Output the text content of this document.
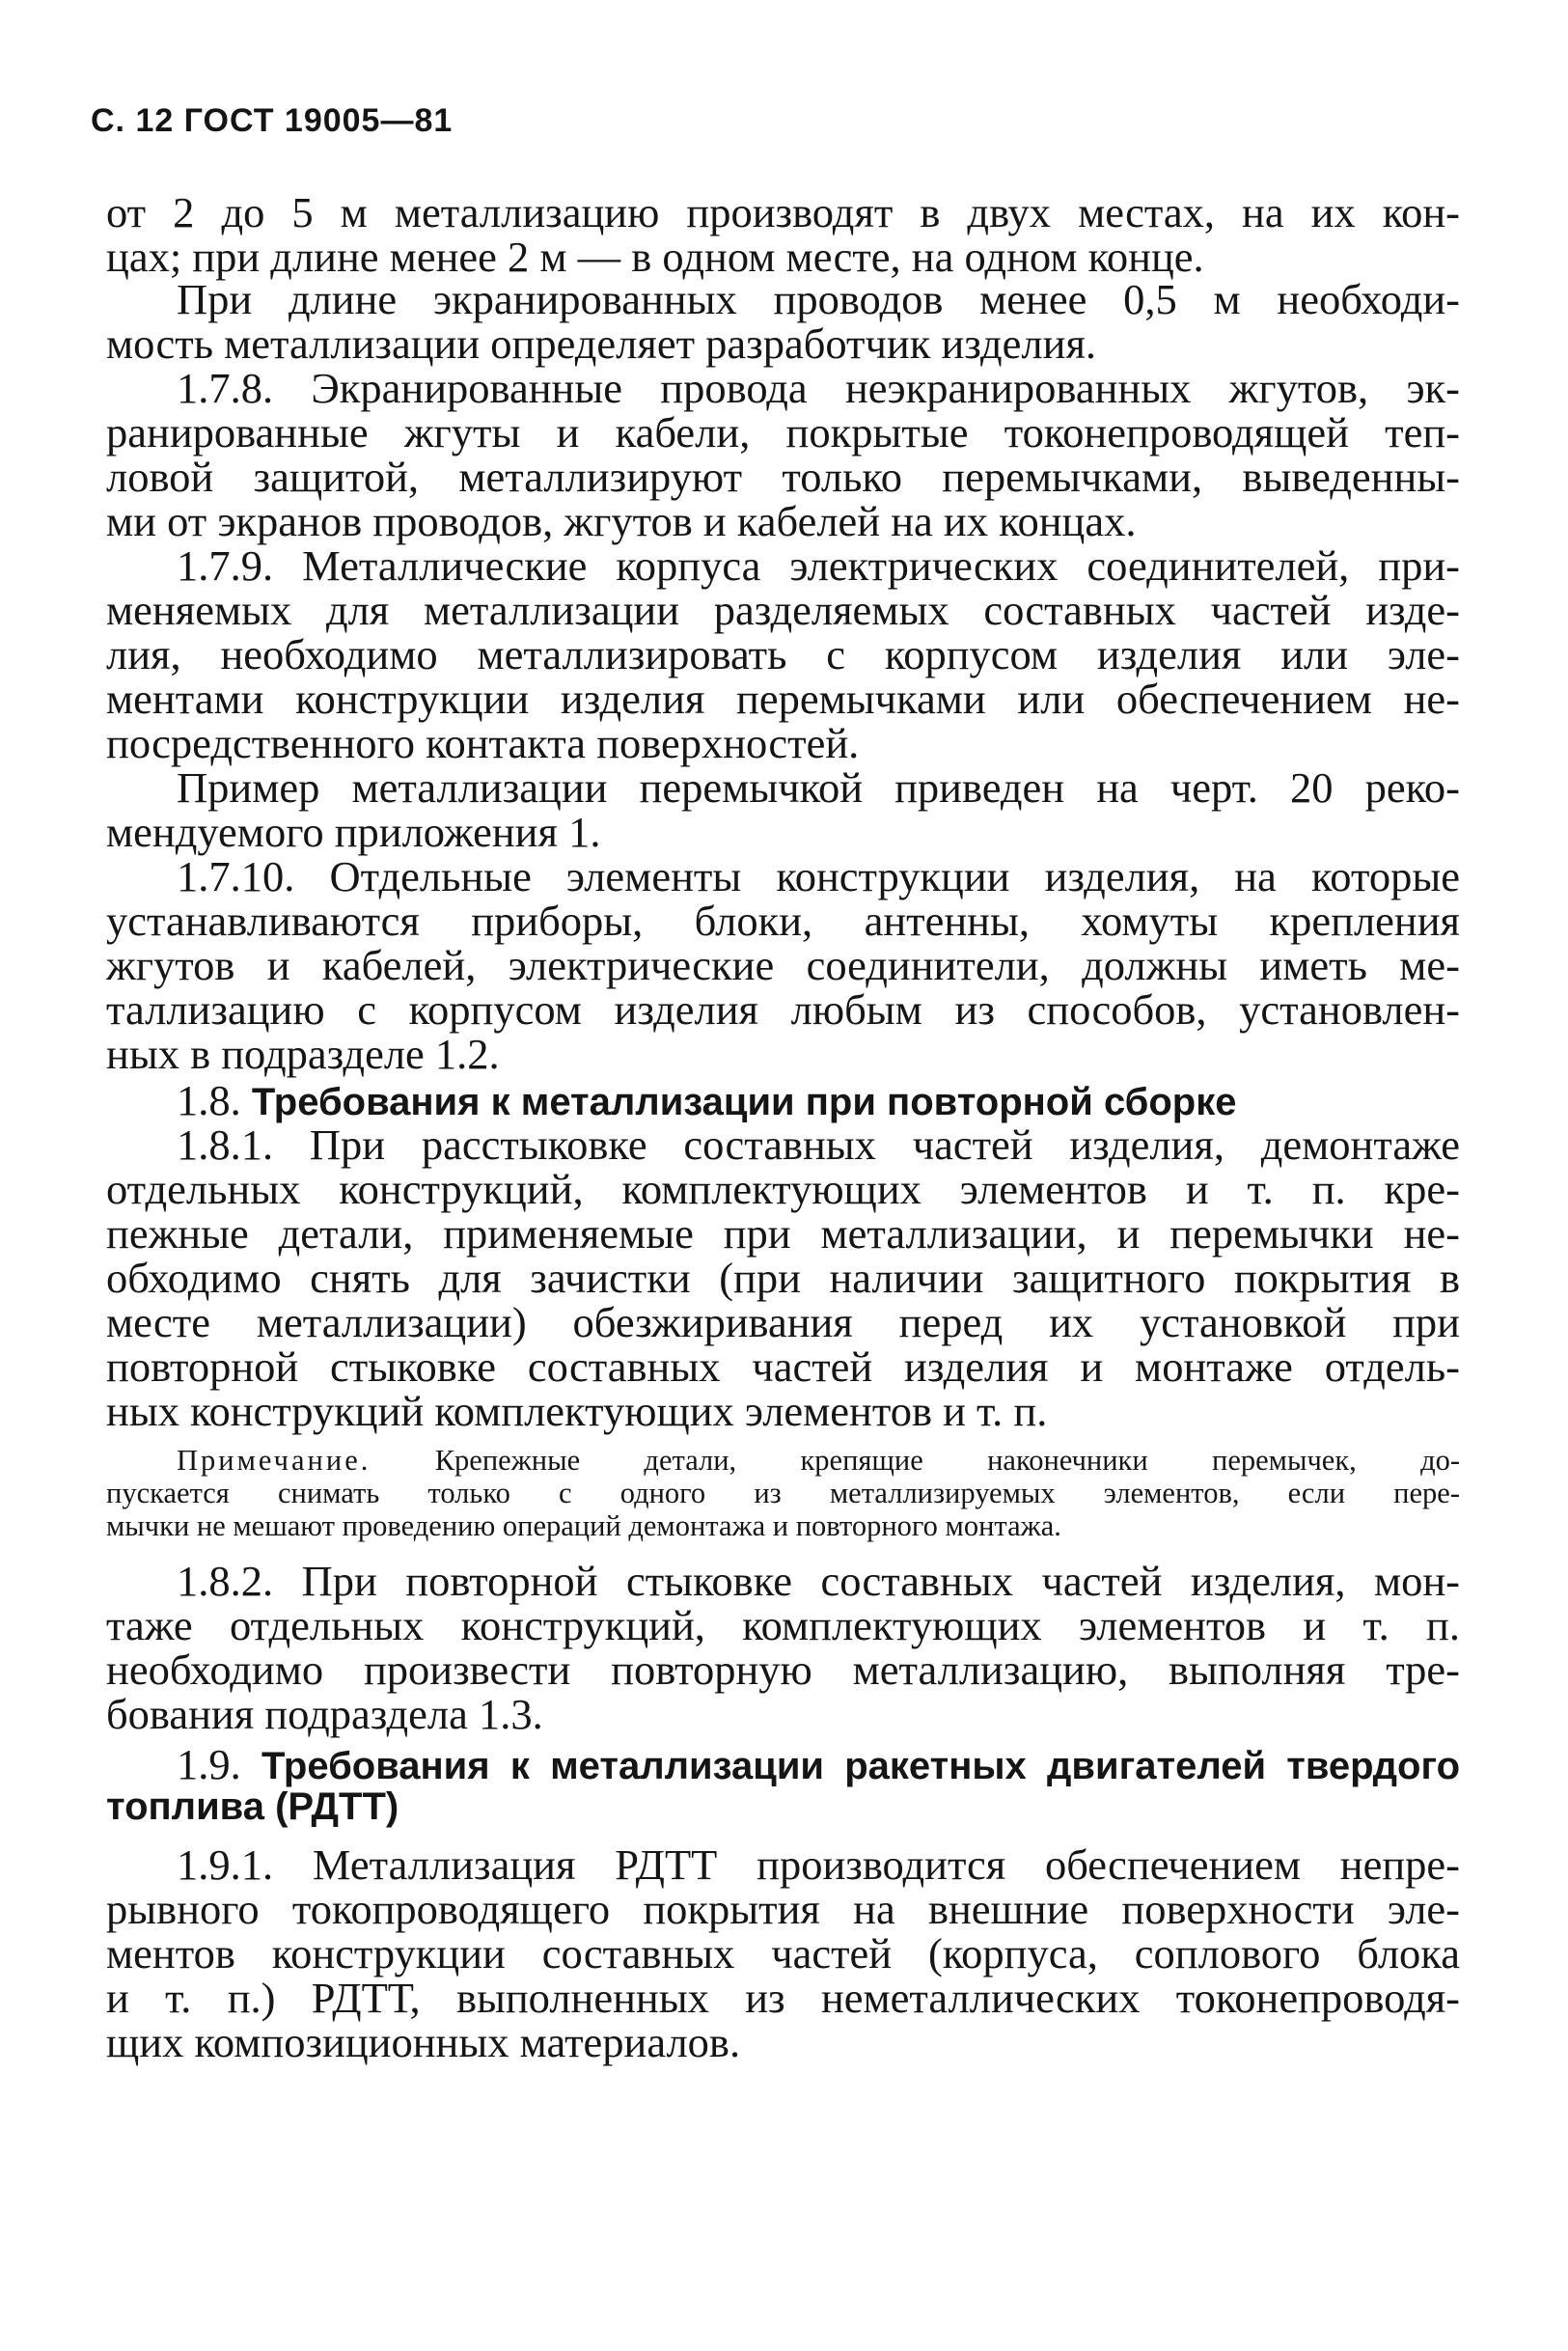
С. 12 ГОСТ 19005—81
от 2 до 5 м металлизацию производят в двух местах, на их кон-
цах; при длине менее 2 м — в одном месте, на одном конце.
При длине экранированных проводов менее 0,5 м необходи-
мость металлизации определяет разработчик изделия.
1.7.8. Экранированные провода неэкранированных жгутов, эк-
ранированные жгуты и кабели, покрытые токонепроводящей теп-
ловой защитой, металлизируют только перемычками, выведенны-
ми от экранов проводов, жгутов и кабелей на их концах.
1.7.9. Металлические корпуса электрических соединителей, при-
меняемых для металлизации разделяемых составных частей изде-
лия, необходимо металлизировать с корпусом изделия или эле-
ментами конструкции изделия перемычками или обеспечением не-
посредственного контакта поверхностей.
Пример металлизации перемычкой приведен на черт. 20 реко-
мендуемого приложения 1.
1.7.10. Отдельные элементы конструкции изделия, на которые
устанавливаются приборы, блоки, антенны, хомуты крепления
жгутов и кабелей, электрические соединители, должны иметь ме-
таллизацию с корпусом изделия любым из способов, установлен-
ных в подразделе 1.2.
1.8. Требования к металлизации при повторной сборке
1.8.1. При расстыковке составных частей изделия, демонтаже
отдельных конструкций, комплектующих элементов и т. п. кре-
пежные детали, применяемые при металлизации, и перемычки не-
обходимо снять для зачистки (при наличии защитного покрытия в
месте металлизации) обезжиривания перед их установкой при
повторной стыковке составных частей изделия и монтаже отдель-
ных конструкций комплектующих элементов и т. п.
Примечание. Крепежные детали, крепящие наконечники перемычек, до-
пускается снимать только с одного из металлизируемых элементов, если пере-
мычки не мешают проведению операций демонтажа и повторного монтажа.
1.8.2. При повторной стыковке составных частей изделия, мон-
таже отдельных конструкций, комплектующих элементов и т. п.
необходимо произвести повторную металлизацию, выполняя тре-
бования подраздела 1.3.
1.9. Требования к металлизации ракетных двигателей твердого
топлива (РДТТ)
1.9.1. Металлизация РДТТ производится обеспечением непре-
рывного токопроводящего покрытия на внешние поверхности эле-
ментов конструкции составных частей (корпуса, соплового блока
и т. п.) РДТТ, выполненных из неметаллических токонепроводя-
щих композиционных материалов.
